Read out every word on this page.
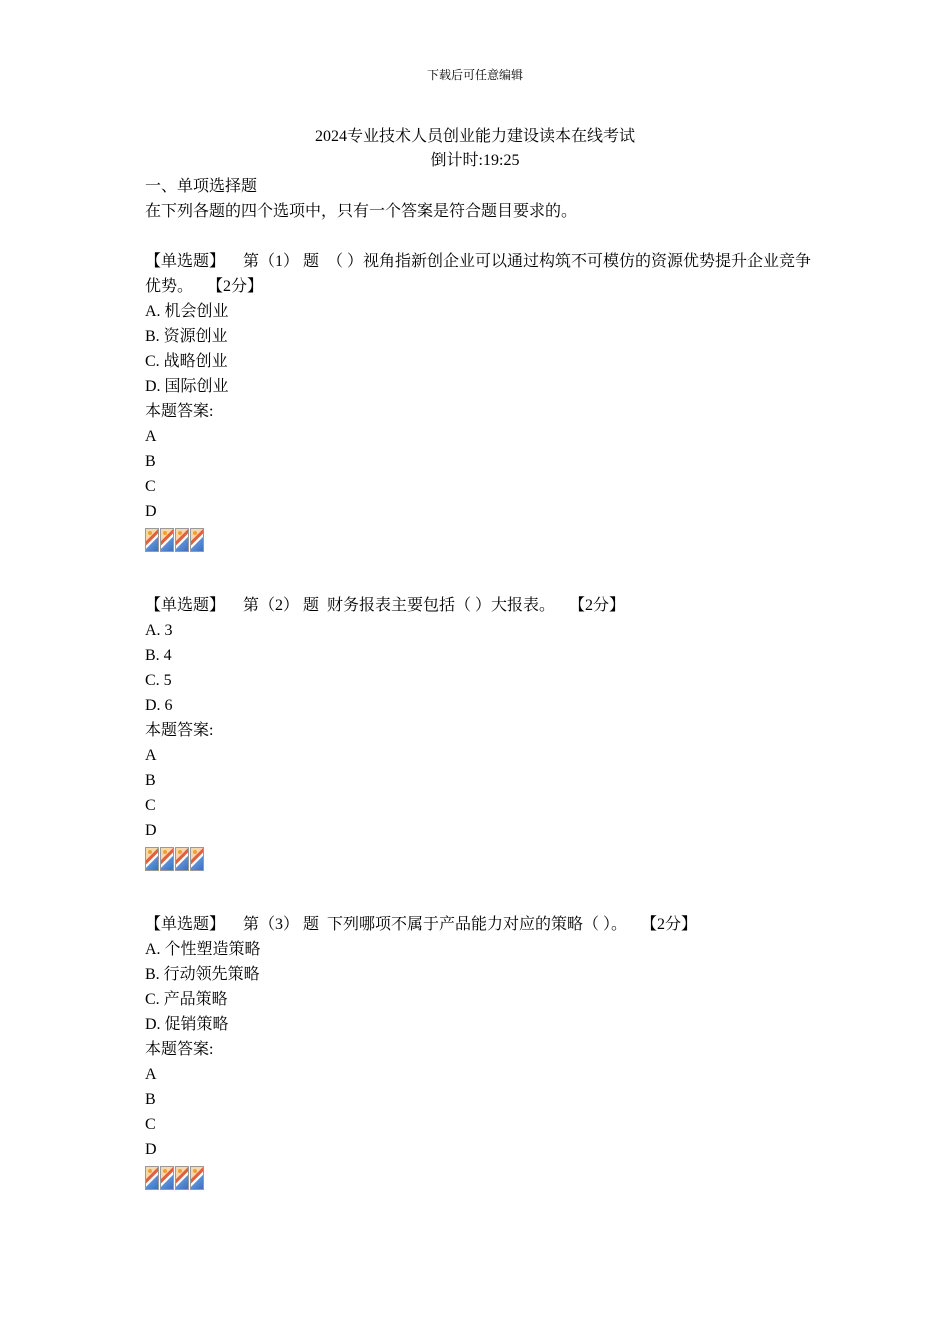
下载后可任意编辑
2024专业技术人员创业能力建设读本在线考试
倒计时:19:25
一、单项选择题
在下列各题的四个选项中，只有一个答案是符合题目要求的。
【单选题】 第（1） 题 （ ）视角指新创企业可以通过构筑不可模仿的资源优势提升企业竞争优势。 【2分】
A. 机会创业
B. 资源创业
C. 战略创业
D. 国际创业
本题答案:
A
B
C
D
【单选题】 第（2） 题 财务报表主要包括（ ）大报表。 【2分】
A. 3
B. 4
C. 5
D. 6
本题答案:
A
B
C
D
【单选题】 第（3） 题 下列哪项不属于产品能力对应的策略（ ）。 【2分】
A. 个性塑造策略
B. 行动领先策略
C. 产品策略
D. 促销策略
本题答案:
A
B
C
D
